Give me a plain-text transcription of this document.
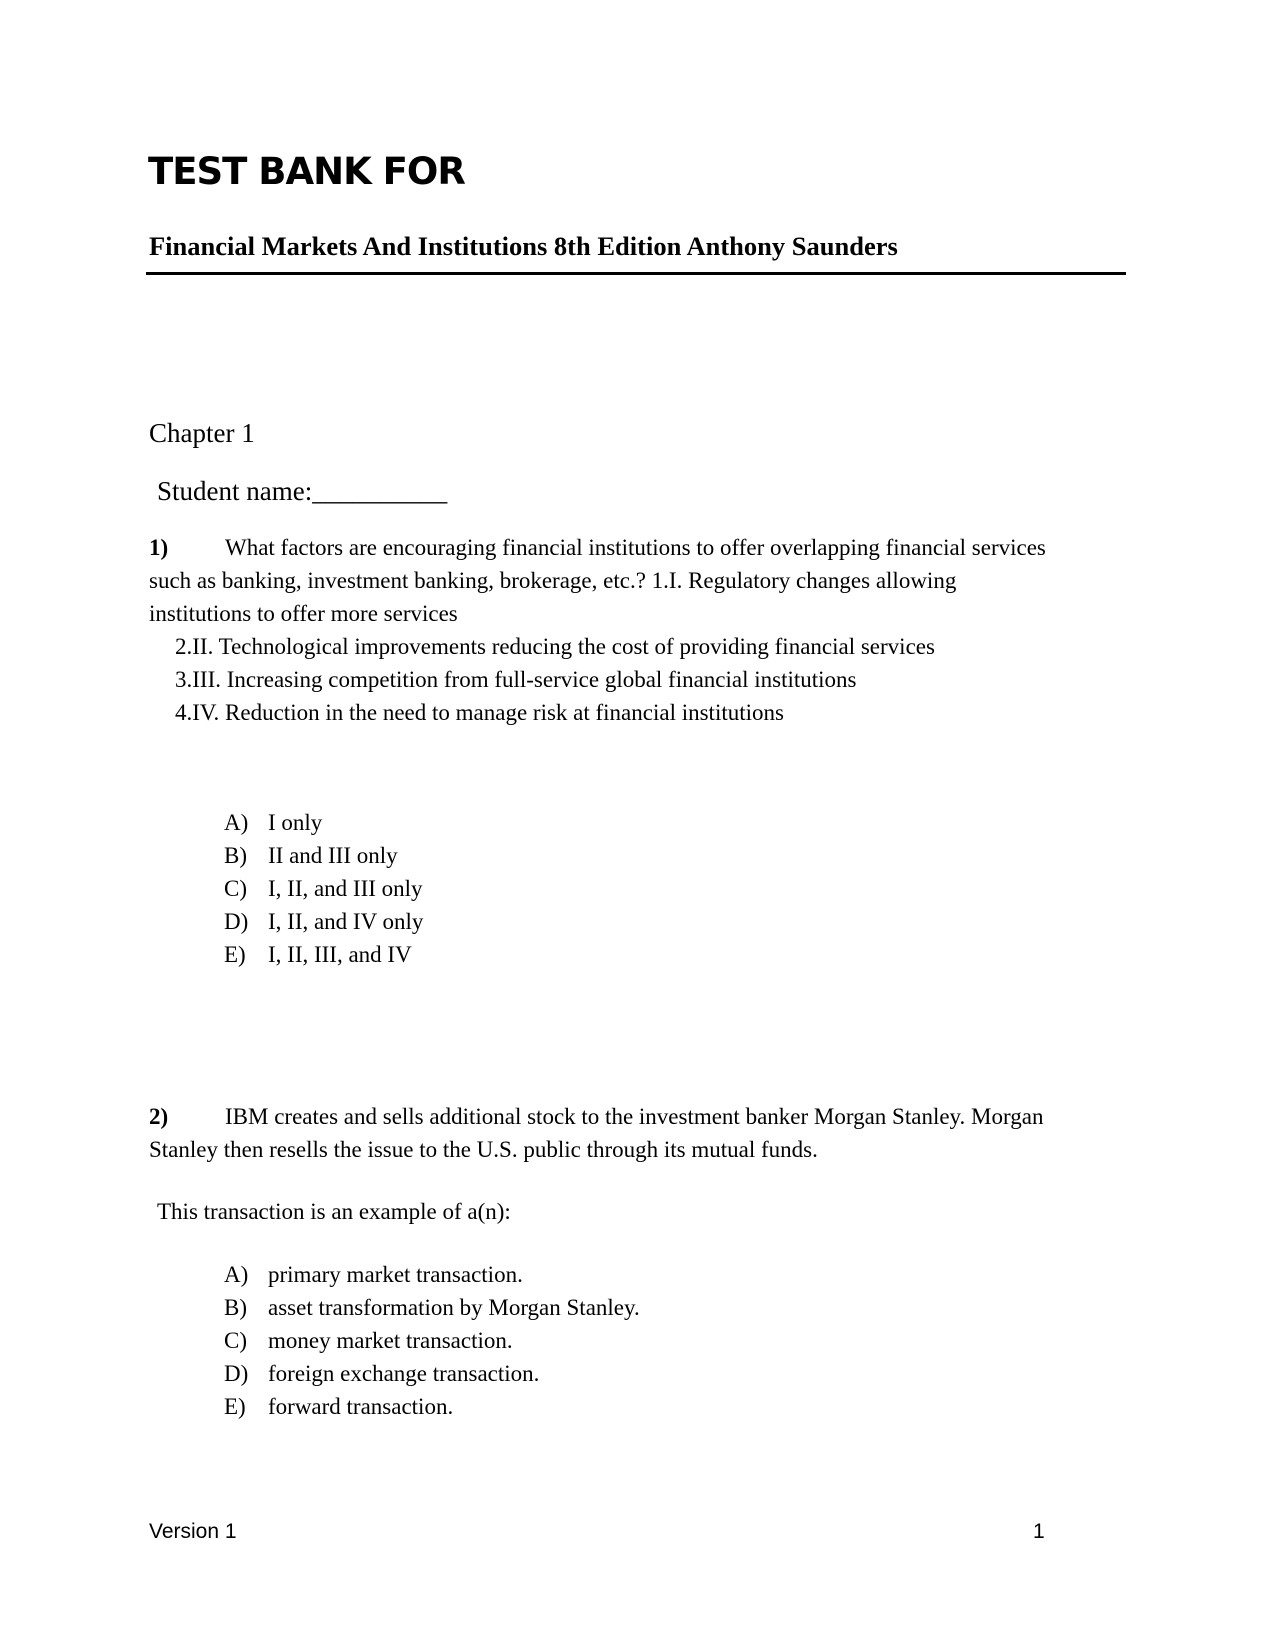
TEST BANK FOR
Financial Markets And Institutions 8th Edition Anthony Saunders
Chapter 1
Student name:__________
1) What factors are encouraging financial institutions to offer overlapping financial services
such as banking, investment banking, brokerage, etc.? 1.I. Regulatory changes allowing
institutions to offer more services
2.II. Technological improvements reducing the cost of providing financial services
3.III. Increasing competition from full-service global financial institutions
4.IV. Reduction in the need to manage risk at financial institutions
A) I only
B) II and III only
C) I, II, and III only
D) I, II, and IV only
E) I, II, III, and IV
2) IBM creates and sells additional stock to the investment banker Morgan Stanley. Morgan
Stanley then resells the issue to the U.S. public through its mutual funds.
This transaction is an example of a(n):
A) primary market transaction.
B) asset transformation by Morgan Stanley.
C) money market transaction.
D) foreign exchange transaction.
E) forward transaction.
Version 1	1
